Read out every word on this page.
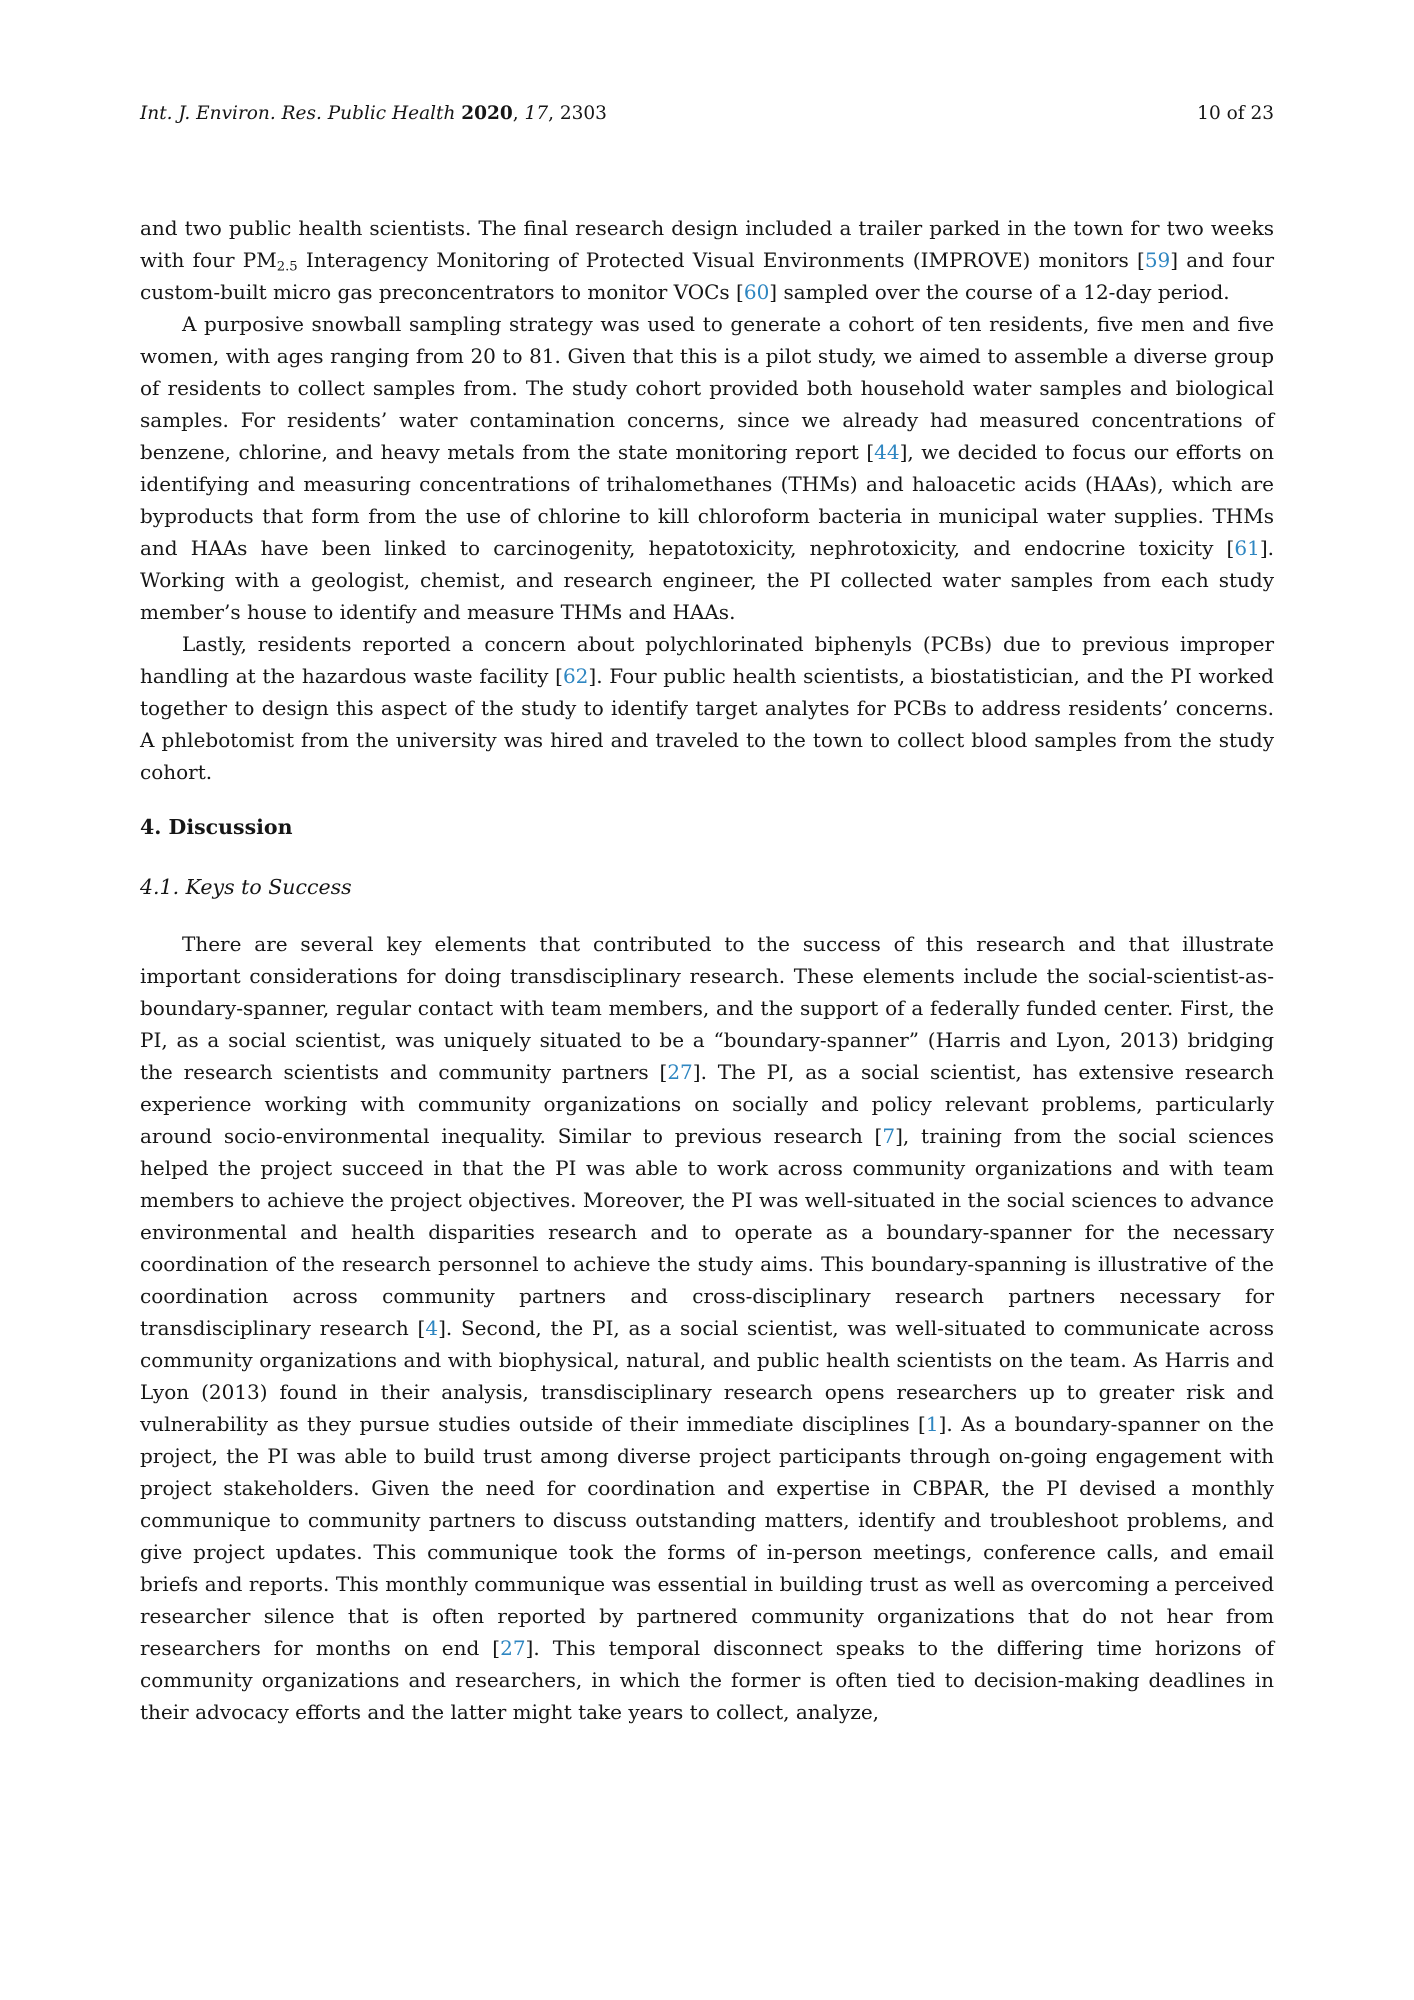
Int. J. Environ. Res. Public Health 2020, 17, 2303	10 of 23

and two public health scientists. The final research design included a trailer parked in the town for two weeks with four PM2.5 Interagency Monitoring of Protected Visual Environments (IMPROVE) monitors [59] and four custom-built micro gas preconcentrators to monitor VOCs [60] sampled over the course of a 12-day period.

A purposive snowball sampling strategy was used to generate a cohort of ten residents, five men and five women, with ages ranging from 20 to 81. Given that this is a pilot study, we aimed to assemble a diverse group of residents to collect samples from. The study cohort provided both household water samples and biological samples. For residents’ water contamination concerns, since we already had measured concentrations of benzene, chlorine, and heavy metals from the state monitoring report [44], we decided to focus our efforts on identifying and measuring concentrations of trihalomethanes (THMs) and haloacetic acids (HAAs), which are byproducts that form from the use of chlorine to kill chloroform bacteria in municipal water supplies. THMs and HAAs have been linked to carcinogenity, hepatotoxicity, nephrotoxicity, and endocrine toxicity [61]. Working with a geologist, chemist, and research engineer, the PI collected water samples from each study member’s house to identify and measure THMs and HAAs.

Lastly, residents reported a concern about polychlorinated biphenyls (PCBs) due to previous improper handling at the hazardous waste facility [62]. Four public health scientists, a biostatistician, and the PI worked together to design this aspect of the study to identify target analytes for PCBs to address residents’ concerns. A phlebotomist from the university was hired and traveled to the town to collect blood samples from the study cohort.

4. Discussion
4.1. Keys to Success

There are several key elements that contributed to the success of this research and that illustrate important considerations for doing transdisciplinary research. These elements include the social-scientist-as-boundary-spanner, regular contact with team members, and the support of a federally funded center. First, the PI, as a social scientist, was uniquely situated to be a “boundary-spanner” (Harris and Lyon, 2013) bridging the research scientists and community partners [27]. The PI, as a social scientist, has extensive research experience working with community organizations on socially and policy relevant problems, particularly around socio-environmental inequality. Similar to previous research [7], training from the social sciences helped the project succeed in that the PI was able to work across community organizations and with team members to achieve the project objectives. Moreover, the PI was well-situated in the social sciences to advance environmental and health disparities research and to operate as a boundary-spanner for the necessary coordination of the research personnel to achieve the study aims. This boundary-spanning is illustrative of the coordination across community partners and cross-disciplinary research partners necessary for transdisciplinary research [4]. Second, the PI, as a social scientist, was well-situated to communicate across community organizations and with biophysical, natural, and public health scientists on the team. As Harris and Lyon (2013) found in their analysis, transdisciplinary research opens researchers up to greater risk and vulnerability as they pursue studies outside of their immediate disciplines [1]. As a boundary-spanner on the project, the PI was able to build trust among diverse project participants through on-going engagement with project stakeholders. Given the need for coordination and expertise in CBPAR, the PI devised a monthly communique to community partners to discuss outstanding matters, identify and troubleshoot problems, and give project updates. This communique took the forms of in-person meetings, conference calls, and email briefs and reports. This monthly communique was essential in building trust as well as overcoming a perceived researcher silence that is often reported by partnered community organizations that do not hear from researchers for months on end [27]. This temporal disconnect speaks to the differing time horizons of community organizations and researchers, in which the former is often tied to decision-making deadlines in their advocacy efforts and the latter might take years to collect, analyze,
